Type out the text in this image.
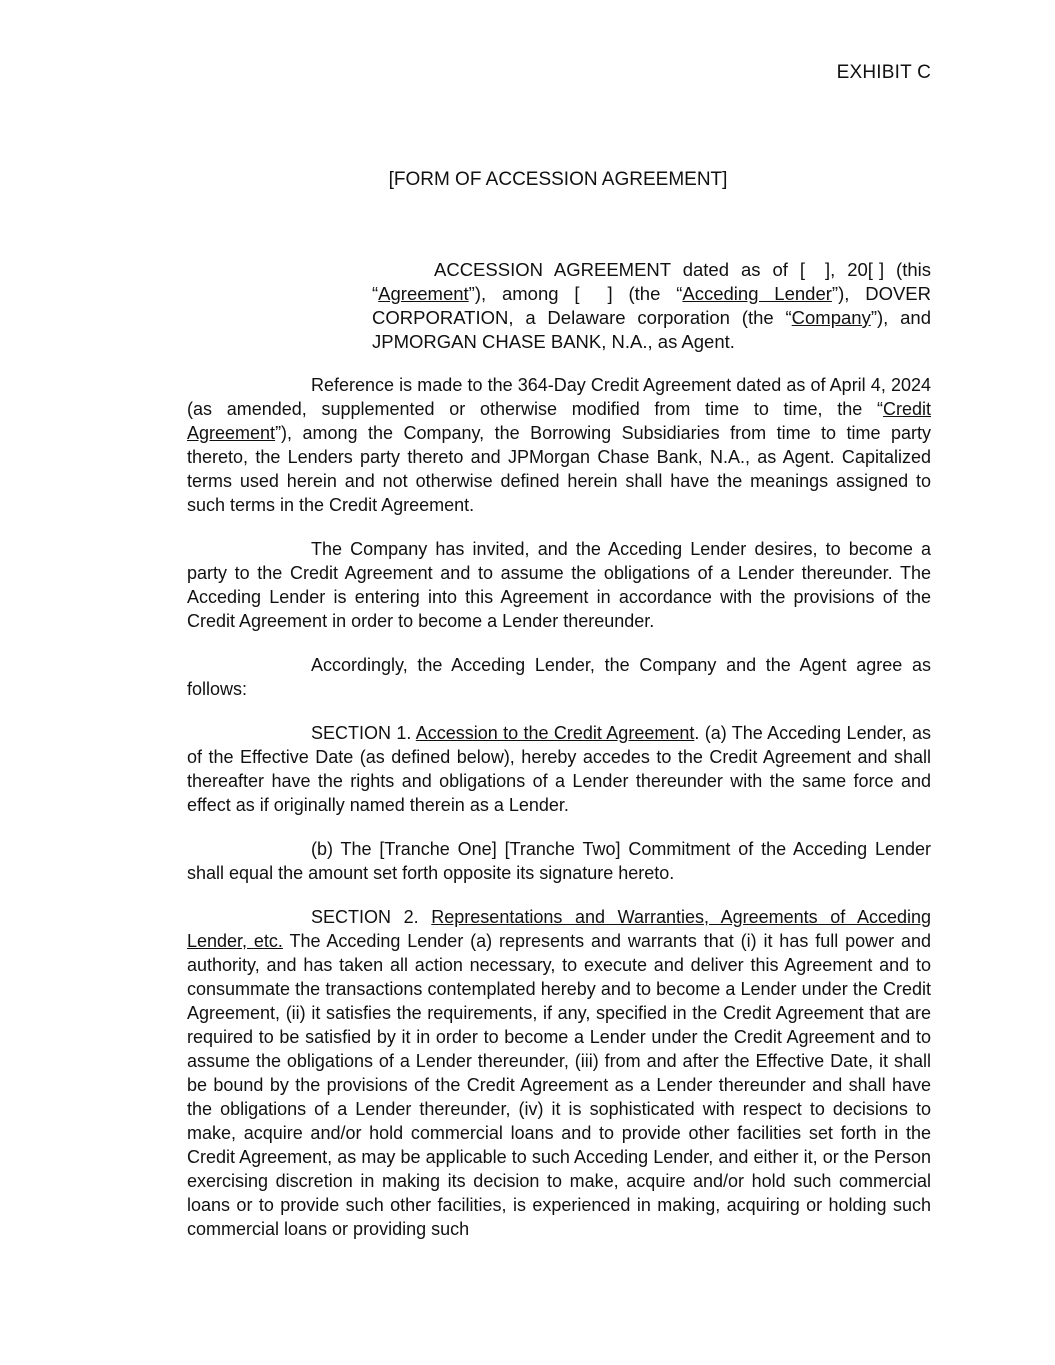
EXHIBIT C
[FORM OF ACCESSION AGREEMENT]
ACCESSION AGREEMENT dated as of [ ], 20[ ] (this “Agreement”), among [ ] (the “Acceding Lender”), DOVER CORPORATION, a Delaware corporation (the “Company”), and JPMORGAN CHASE BANK, N.A., as Agent.

Reference is made to the 364-Day Credit Agreement dated as of April 4, 2024 (as amended, supplemented or otherwise modified from time to time, the “Credit Agreement”), among the Company, the Borrowing Subsidiaries from time to time party thereto, the Lenders party thereto and JPMorgan Chase Bank, N.A., as Agent. Capitalized terms used herein and not otherwise defined herein shall have the meanings assigned to such terms in the Credit Agreement.

The Company has invited, and the Acceding Lender desires, to become a party to the Credit Agreement and to assume the obligations of a Lender thereunder. The Acceding Lender is entering into this Agreement in accordance with the provisions of the Credit Agreement in order to become a Lender thereunder.

Accordingly, the Acceding Lender, the Company and the Agent agree as follows:

SECTION 1. Accession to the Credit Agreement. (a) The Acceding Lender, as of the Effective Date (as defined below), hereby accedes to the Credit Agreement and shall thereafter have the rights and obligations of a Lender thereunder with the same force and effect as if originally named therein as a Lender.

(b) The [Tranche One] [Tranche Two] Commitment of the Acceding Lender shall equal the amount set forth opposite its signature hereto.

SECTION 2. Representations and Warranties, Agreements of Acceding Lender, etc. The Acceding Lender (a) represents and warrants that (i) it has full power and authority, and has taken all action necessary, to execute and deliver this Agreement and to consummate the transactions contemplated hereby and to become a Lender under the Credit Agreement, (ii) it satisfies the requirements, if any, specified in the Credit Agreement that are required to be satisfied by it in order to become a Lender under the Credit Agreement and to assume the obligations of a Lender thereunder, (iii) from and after the Effective Date, it shall be bound by the provisions of the Credit Agreement as a Lender thereunder and shall have the obligations of a Lender thereunder, (iv) it is sophisticated with respect to decisions to make, acquire and/or hold commercial loans and to provide other facilities set forth in the Credit Agreement, as may be applicable to such Acceding Lender, and either it, or the Person exercising discretion in making its decision to make, acquire and/or hold such commercial loans or to provide such other facilities, is experienced in making, acquiring or holding such commercial loans or providing such
